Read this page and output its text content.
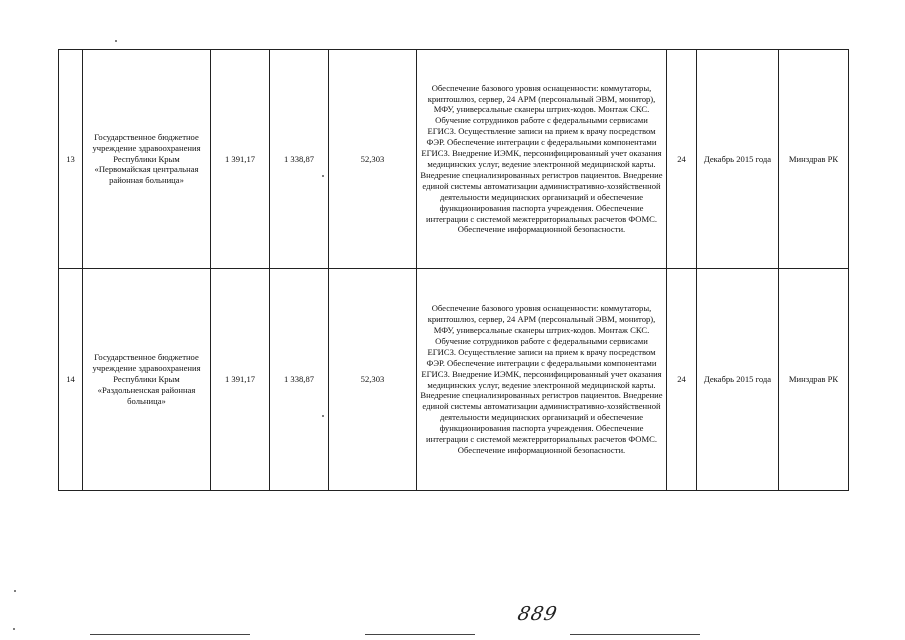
13	Государственное бюджетное учреждение здравоохранения Республики Крым «Первомайская центральная районная больница»	1 391,17	1 338,87	52,303	Обеспечение базового уровня оснащенности: коммутаторы, криптошлюз, сервер, 24 АРМ (персональный ЭВМ, монитор), МФУ, универсальные сканеры штрих-кодов. Монтаж СКС. Обучение сотрудников работе с федеральными сервисами ЕГИСЗ. Осуществление записи на прием к врачу посредством ФЭР. Обеспечение интеграции с федеральными компонентами ЕГИСЗ. Внедрение ИЭМК, персонифицированный учет оказания медицинских услуг, ведение электронной медицинской карты. Внедрение специализированных регистров пациентов. Внедрение единой системы автоматизации административно-хозяйственной деятельности медицинских организаций и обеспечение функционирования паспорта учреждения. Обеспечение интеграции с системой межтерриториальных расчетов ФОМС. Обеспечение информационной безопасности.	24	Декабрь 2015 года	Минздрав РК
14	Государственное бюджетное учреждение здравоохранения Республики Крым «Раздольненская районная больница»	1 391,17	1 338,87	52,303	Обеспечение базового уровня оснащенности: коммутаторы, криптошлюз, сервер, 24 АРМ (персональный ЭВМ, монитор), МФУ, универсальные сканеры штрих-кодов. Монтаж СКС. Обучение сотрудников работе с федеральными сервисами ЕГИСЗ. Осуществление записи на прием к врачу посредством ФЭР. Обеспечение интеграции с федеральными компонентами ЕГИСЗ. Внедрение ИЭМК, персонифицированный учет оказания медицинских услуг, ведение электронной медицинской карты. Внедрение специализированных регистров пациентов. Внедрение единой системы автоматизации административно-хозяйственной деятельности медицинских организаций и обеспечение функционирования паспорта учреждения. Обеспечение интеграции с системой межтерриториальных расчетов ФОМС. Обеспечение информационной безопасности.	24	Декабрь 2015 года	Минздрав РК
889
